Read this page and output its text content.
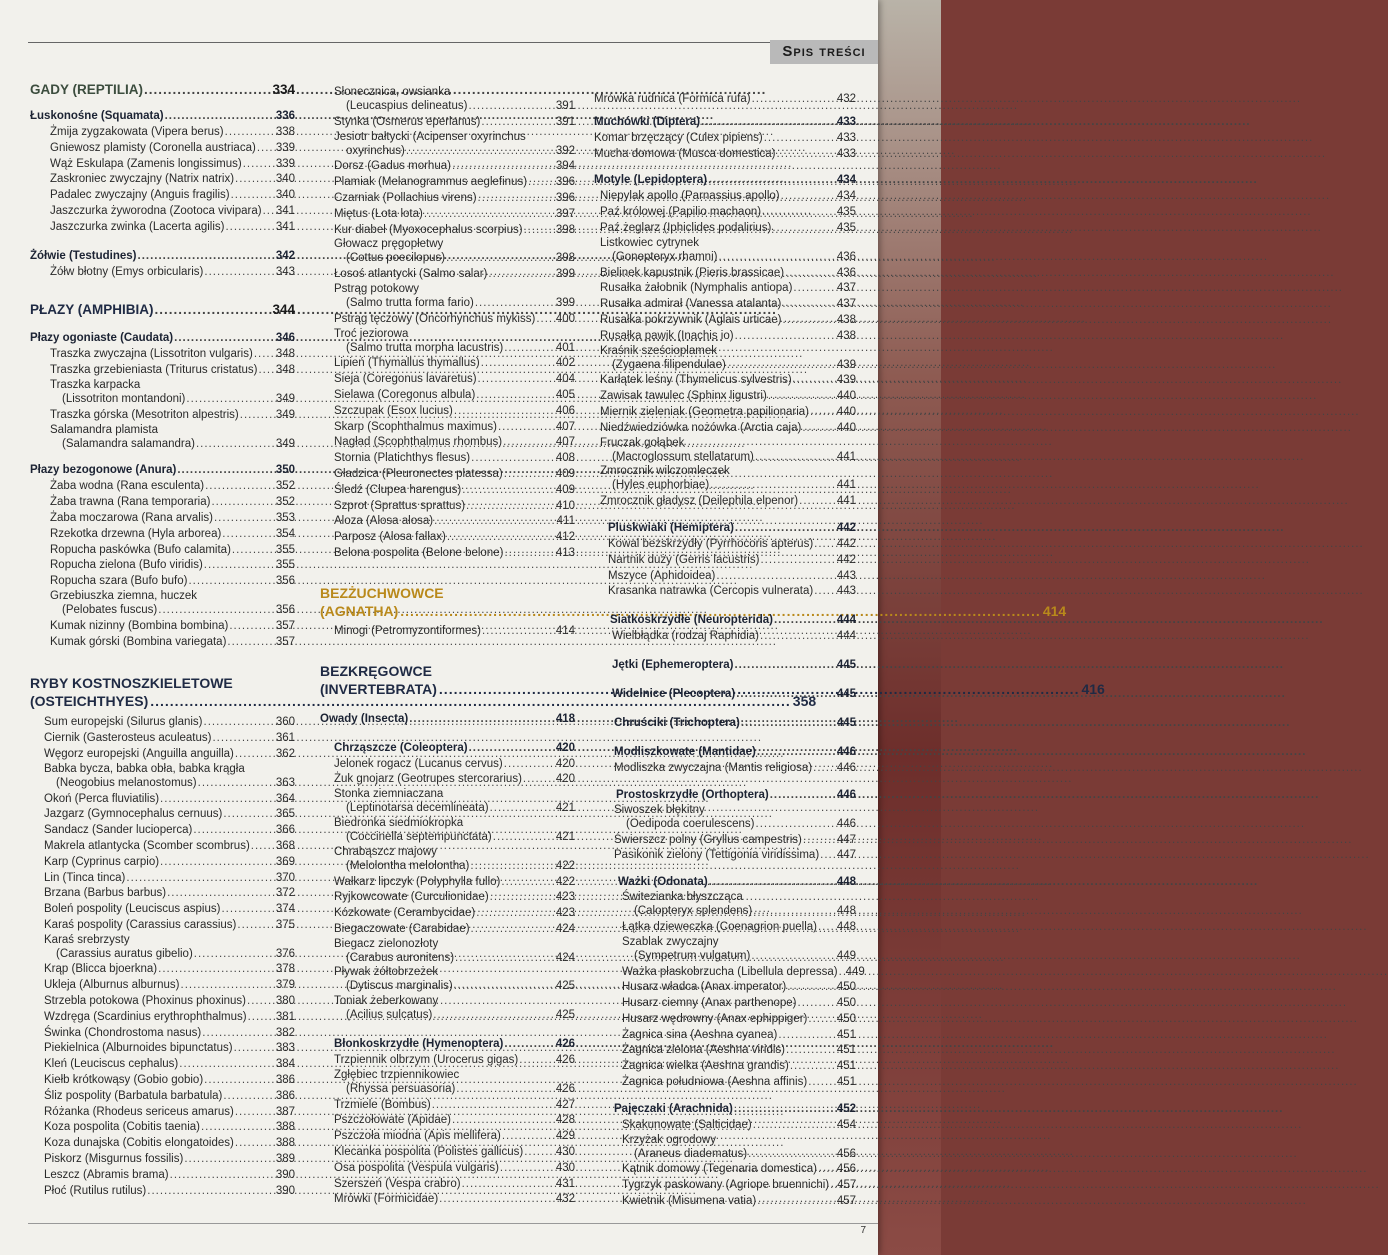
Spis treści
GADY (REPTILIA) .....	334
Łuskonośne (Squamata) .....	336
Żmija zygzakowata (Vipera berus) .....	338
Gniewosz plamisty (Coronella austriaca) ..... 339
Wąż Eskulapa (Zamenis longissimus) .....	339
Zaskroniec zwyczajny (Natrix natrix) .....	340
Padalec zwyczajny (Anguis fragilis) .....	340
Jaszczurka żyworodna (Zootoca vivipara) ..... 341
Jaszczurka zwinka (Lacerta agilis) .....	341
Żółwie (Testudines) .....	342
Żółw błotny (Emys orbicularis) .....	343
PŁAZY (AMPHIBIA) .....	344
Płazy ogoniaste (Caudata) .....	346
Traszka zwyczajna (Lissotriton vulgaris) ..... 348
Traszka grzebieniasta (Triturus cristatus) ..... 348
Traszka karpacka
(Lissotriton montandoni) .....	349
Traszka górska (Mesotriton alpestris) .....	349
Salamandra plamista
(Salamandra salamandra) .....	349
Płazy bezogonowe (Anura) .....	350
Żaba wodna (Rana esculenta) .....	352
Żaba trawna (Rana temporaria) .....	352
Żaba moczarowa (Rana arvalis) .....	353
Rzekotka drzewna (Hyla arborea) .....	354
Ropucha paskówka (Bufo calamita) .....	355
Ropucha zielona (Bufo viridis) .....	355
Ropucha szara (Bufo bufo) .....	356
Grzebiuszka ziemna, huczek
(Pelobates fuscus) .....	356
Kumak nizinny (Bombina bombina) .....	357
Kumak górski (Bombina variegata) .....	357
RYBY KOSTNOSZKIELETOWE
(OSTEICHTHYES) .....	358
Sum europejski (Silurus glanis) .....	360
Ciernik (Gasterosteus aculeatus) .....	361
Węgorz europejski (Anguilla anguilla) .....	362
Babka bycza, babka obła, babka krągła
(Neogobius melanostomus) .....	363
Okoń (Perca fluviatilis) .....	364
Jazgarz (Gymnocephalus cernuus) .....	365
Sandacz (Sander lucioperca) .....	366
Makrela atlantycka (Scomber scombrus) ..... 368
Karp (Cyprinus carpio) .....	369
Lin (Tinca tinca) .....	370
Brzana (Barbus barbus) .....	372
Boleń pospolity (Leuciscus aspius) .....	374
Karaś pospolity (Carassius carassius) .....	375
Karaś srebrzysty
(Carassius auratus gibelio) .....	376
Krąp (Blicca bjoerkna) .....	378
Ukleja (Alburnus alburnus) .....	379
Strzebla potokowa (Phoxinus phoxinus) .....	380
Wzdręga (Scardinius erythrophthalmus) .....	381
Świnka (Chondrostoma nasus) .....	382
Piekielnica (Alburnoides bipunctatus) .....	383
Kleń (Leuciscus cephalus) .....	384
Kiełb krótkowąsy (Gobio gobio) .....	386
Śliz pospolity (Barbatula barbatula) .....	386
Różanka (Rhodeus sericeus amarus) .....	387
Koza pospolita (Cobitis taenia) .....	388
Koza dunajska (Cobitis elongatoides) .....	388
Piskorz (Misgurnus fossilis) .....	389
Leszcz (Abramis brama) .....	390
Płoć (Rutilus rutilus) .....	390
Słonecznica, owsianka
(Leucaspius delineatus) .....	391
Stynka (Osmerus eperlanus) .....	391
Jesiotr bałtycki (Acipenser oxyrinchus
oxyrinchus) .....	392
Dorsz (Gadus morhua) .....	394
Plamiak (Melanogrammus aeglefinus) .....	396
Czarniak (Pollachius virens) .....	396
Miętus (Lota lota) .....	397
Kur diabeł (Myoxocephalus scorpius) .....	398
Głowacz pręgopłetwy
(Cottus poecilopus) .....	398
Łosoś atlantycki (Salmo salar) .....	399
Pstrąg potokowy
(Salmo trutta forma fario) .....	399
Pstrąg tęczowy (Oncorhynchus mykiss) ..... 400
Troć jeziorowa
(Salmo trutta morpha lacustris) .....	401
Lipień (Thymallus thymallus) .....	402
Sieja (Coregonus lavaretus) .....	404
Sielawa (Coregonus albula) .....	405
Szczupak (Esox lucius) .....	406
Skarp (Scophthalmus maximus) .....	407
Nagład (Scophthalmus rhombus) .....	407
Stornia (Platichthys flesus) .....	408
Gładzica (Pleuronectes platessa) .....	409
Śledź (Clupea harengus) .....	409
Szprot (Sprattus sprattus) .....	410
Aloza (Alosa alosa) .....	411
Parposz (Alosa fallax) .....	412
Belona pospolita (Belone belone) .....	413
BEZŻUCHWOWCE
(AGNATHA) .....	414
Minogi (Petromyzontiformes) .....	414
BEZKRĘGOWCE
(INVERTEBRATA) .....	416
Owady (Insecta) .....	418
Chrząszcze (Coleoptera) .....	420
Jelonek rogacz (Lucanus cervus) .....	420
Żuk gnojarz (Geotrupes stercorarius) .....	420
Stonka ziemniaczana
(Leptinotarsa decemlineata) .....	421
Biedronka siedmiokropka
(Coccinella septempunctata) .....	421
Chrabąszcz majowy
(Melolontha melolontha) .....	422
Wałkarz lipczyk (Polyphylla fullo) .....	422
Ryjkowcowate (Curculionidae) .....	423
Kózkowate (Cerambycidae) .....	423
Biegaczowate (Carabidae) .....	424
Biegacz zielonozłoty
(Carabus auronitens) .....	424
Pływak żółtobrzeżek
(Dytiscus marginalis) .....	425
Toniak żeberkowany
(Acilius sulcatus) .....	425
Błonkoskrzydłe (Hymenoptera) .....	426
Trzpiennik olbrzym (Urocerus gigas) .....	426
Zgłębiec trzpiennikowiec
(Rhyssa persuasoria) .....	426
Trzmiele (Bombus) .....	427
Pszczołowate (Apidae) .....	428
Pszczoła miodna (Apis mellifera) .....	429
Klecanka pospolita (Polistes gallicus) .....	430
Osa pospolita (Vespula vulgaris) .....	430
Szerszeń (Vespa crabro) .....	431
Mrówki (Formicidae) .....	432
Mrówka rudnica (Formica rufa) .....	432
Muchówki (Diptera) .....	433
Komar brzęczący (Culex pipiens) .....	433
Mucha domowa (Musca domestica) .....	433
Motyle (Lepidoptera) .....	434
Niepylak apollo (Parnassius apollo) .....	434
Paź królowej (Papilio machaon) .....	435
Paź żeglarz (Iphiclides podalirius) .....	435
Listkowiec cytrynek
(Gonepteryx rhamni) .....	436
Bielinek kapustnik (Pieris brassicae) .....	436
Rusałka żałobnik (Nymphalis antiopa) .....	437
Rusałka admirał (Vanessa atalanta) .....	437
Rusałka pokrzywnik (Aglais urticae) .....	438
Rusałka pawik (Inachis io) .....	438
Kraśnik sześcioplamek
(Zygaena filipendulae) .....	439
Karłątek leśny (Thymelicus sylvestris) .....	439
Zawisak tawulec (Sphinx ligustri) .....	440
Miernik zieleniak (Geometra papilionaria) ..... 440
Niedźwiedziówka nożówka (Arctia caja) .....	440
Fruczak gołąbek
(Macroglossum stellatarum) .....	441
Zmrocznik wilczomleczek
(Hyles euphorbiae) .....	441
Zmrocznik gładysz (Deilephila elpenor) .....	441
Pluskwiaki (Hemiptera) .....	442
Kowal bezskrzydły (Pyrrhocoris apterus) ..... 442
Nartnik duży (Gerris lacustris) .....	442
Mszyce (Aphidoidea) .....	443
Krasanka natrawka (Cercopis vulnerata) ..... 443
Siatkoskrzydłe (Neuropterida) .....	444
Wielbłądka (rodzaj Raphidia) .....	444
Jętki (Ephemeroptera) .....	445
Widelnice (Plecoptera) .....	445
Chruściki (Trichoptera) .....	445
Modliszkowate (Mantidae) .....	446
Modliszka zwyczajna (Mantis religiosa) ..... 446
Prostoskrzydłe (Orthoptera) .....	446
Siwoszek błękitny
(Oedipoda coerulescens) .....	446
Świerszcz polny (Gryllus campestris) .....	447
Pasikonik zielony (Tettigonia viridissima) ..... 447
Ważki (Odonata) .....	448
Świtezianka błyszcząca
(Calopteryx splendens) .....	448
Łątka dzieweczka (Coenagrion puella) ..... 448
Szablak zwyczajny
(Sympetrum vulgatum) .....	449
Ważka płaskobrzucha (Libellula depressa) ..... 449
Husarz władca (Anax imperator) .....	450
Husarz ciemny (Anax parthenope) .....	450
Husarz wędrowny (Anax ephippiger) .....	450
Żagnica sina (Aeshna cyanea) .....	451
Żagnica zielona (Aeshna viridis) .....	451
Żagnica wielka (Aeshna grandis) .....	451
Żagnica południowa (Aeshna affinis) .....	451
Pajęczaki (Arachnida) .....	452
Skakunowate (Salticidae) .....	454
Krzyżak ogrodowy
(Araneus diadematus) .....	456
Kątnik domowy (Tegenaria domestica) ..... 456
Tygrzyk paskowany (Agriope bruennichi) ..... 457
Kwietnik (Misumena vatia) .....	457
7
